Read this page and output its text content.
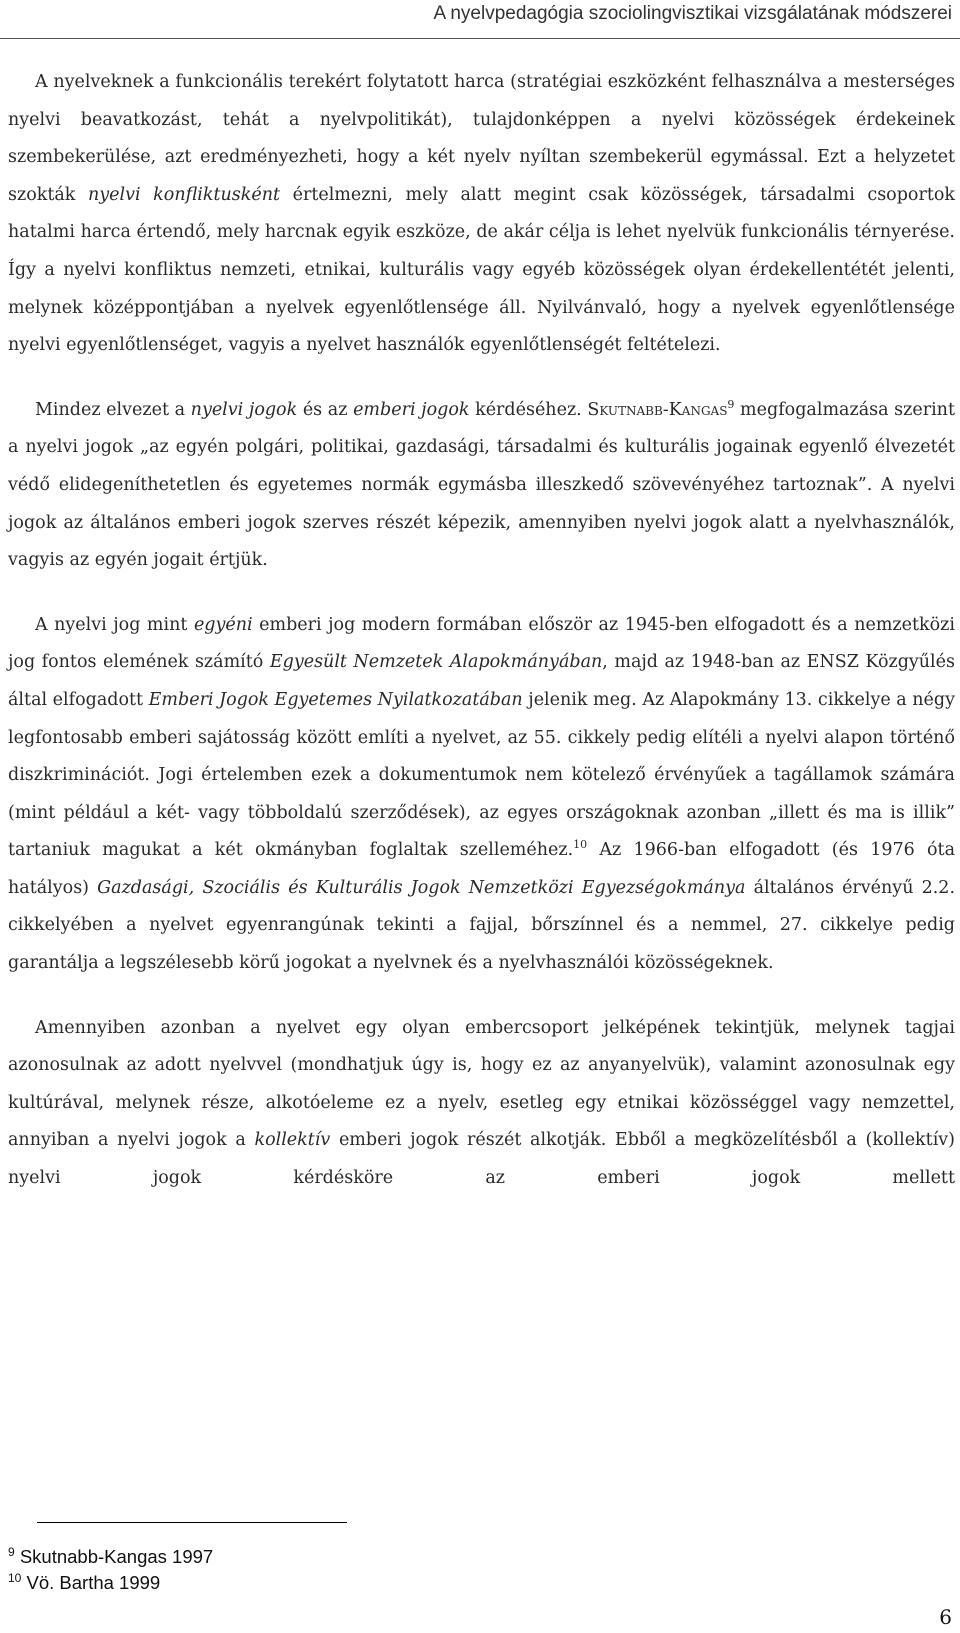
A nyelvpedagógia szociolingvisztikai vizsgálatának módszerei

A nyelveknek a funkcionális terekért folytatott harca (stratégiai eszközként felhasználva a mesterséges nyelvi beavatkozást, tehát a nyelvpolitikát), tulajdonképpen a nyelvi közösségek érdekeinek szembekerülése, azt eredményezheti, hogy a két nyelv nyíltan szembekerül egymással. Ezt a helyzetet szokták nyelvi konfliktusként értelmezni, mely alatt megint csak közösségek, társadalmi csoportok hatalmi harca értendő, mely harcnak egyik eszköze, de akár célja is lehet nyelvük funkcionális térnyerése. Így a nyelvi konfliktus nemzeti, etnikai, kulturális vagy egyéb közösségek olyan érdekellentétét jelenti, melynek középpontjában a nyelvek egyenlőtlensége áll. Nyilvánvaló, hogy a nyelvek egyenlőtlensége nyelvi egyenlőtlenséget, vagyis a nyelvet használók egyenlőtlenségét feltételezi.

Mindez elvezet a nyelvi jogok és az emberi jogok kérdéséhez. Skutnabb-Kangas$^9$ megfogalmazása szerint a nyelvi jogok „az egyén polgári, politikai, gazdasági, társadalmi és kulturális jogainak egyenlő élvezetét védő elidegeníthetetlen és egyetemes normák egymásba illeszkedő szövevényéhez tartoznak”. A nyelvi jogok az általános emberi jogok szerves részét képezik, amennyiben nyelvi jogok alatt a nyelvhasználók, vagyis az egyén jogait értjük.

A nyelvi jog mint egyéni emberi jog modern formában először az 1945-ben elfogadott és a nemzetközi jog fontos elemének számító Egyesült Nemzetek Alapokmányában, majd az 1948-ban az ENSZ Közgyűlés által elfogadott Emberi Jogok Egyetemes Nyilatkozatában jelenik meg. Az Alapokmány 13. cikkelye a négy legfontosabb emberi sajátosság között említi a nyelvet, az 55. cikkely pedig elítéli a nyelvi alapon történő diszkriminációt. Jogi értelemben ezek a dokumentumok nem kötelező érvényűek a tagállamok számára (mint például a két- vagy többoldalú szerződések), az egyes országoknak azonban „illett és ma is illik” tartaniuk magukat a két okmányban foglaltak szelleméhez.$^{10}$ Az 1966-ban elfogadott (és 1976 óta hatályos) Gazdasági, Szociális és Kulturális Jogok Nemzetközi Egyezségokmánya általános érvényű 2.2. cikkelyében a nyelvet egyenrangúnak tekinti a fajjal, bőrszínnel és a nemmel, 27. cikkelye pedig garantálja a legszélesebb körű jogokat a nyelvnek és a nyelvhasználói közösségeknek.

Amennyiben azonban a nyelvet egy olyan embercsoport jelképének tekintjük, melynek tagjai azonosulnak az adott nyelvvel (mondhatjuk úgy is, hogy ez az anyanyelvük), valamint azonosulnak egy kultúrával, melynek része, alkotóeleme ez a nyelv, esetleg egy etnikai közösséggel vagy nemzettel, annyiban a nyelvi jogok a kollektív emberi jogok részét alkotják. Ebből a megközelítésből a (kollektív) nyelvi jogok kérdésköre az emberi jogok mellett

$^9$ Skutnabb-Kangas 1997
$^{10}$ Vö. Bartha 1999
6
